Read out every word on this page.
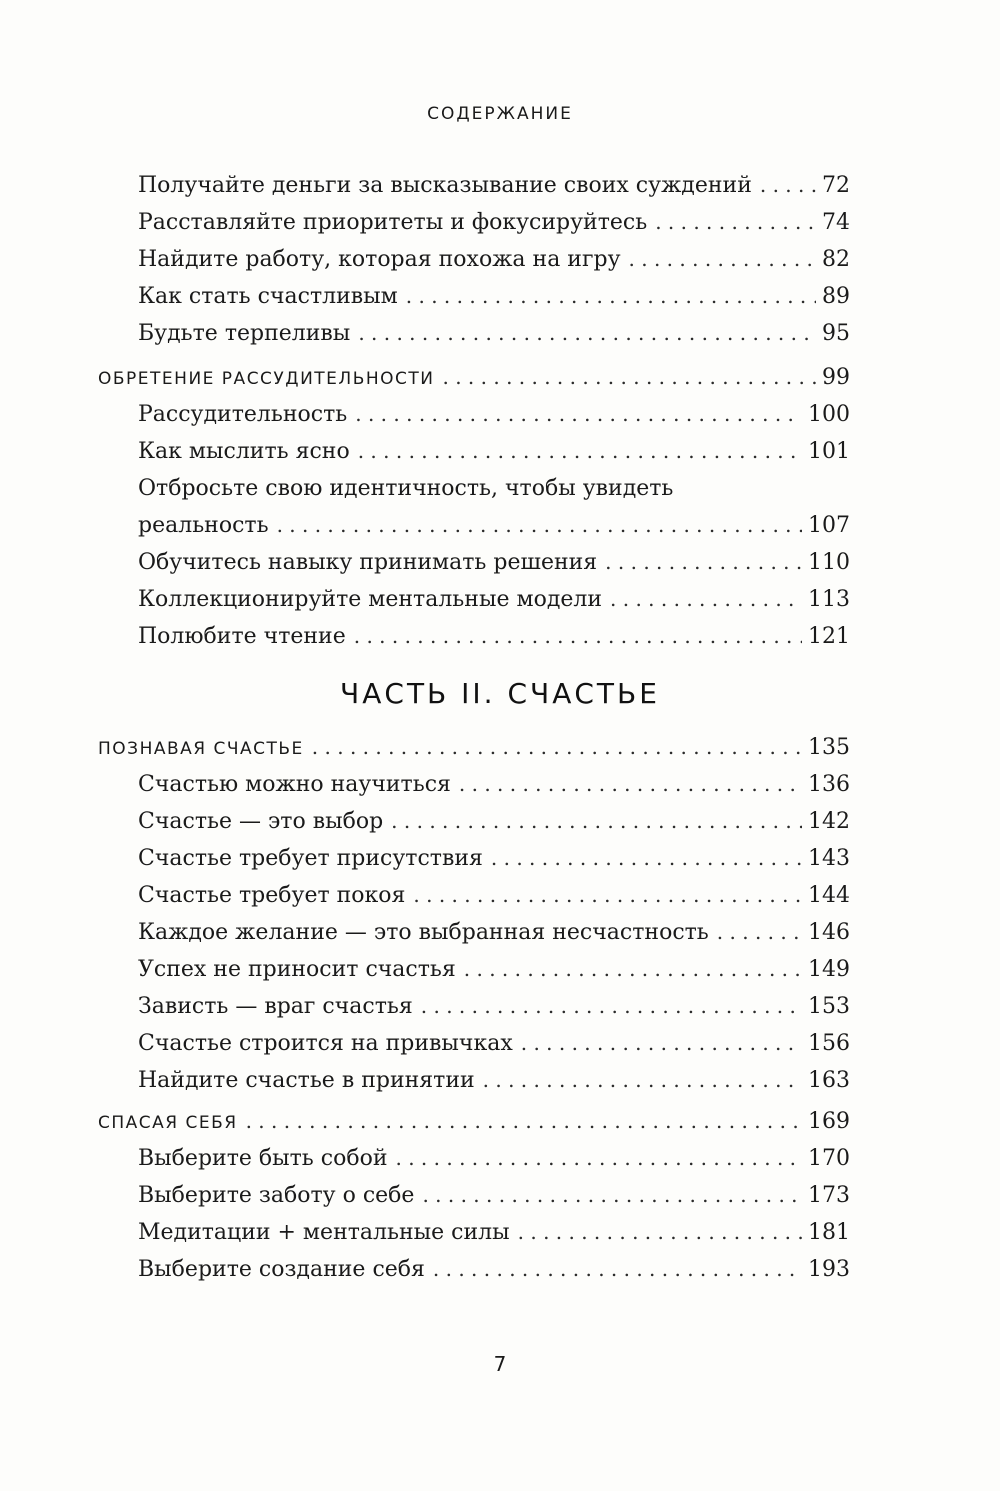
СОДЕРЖАНИЕ
Получайте деньги за высказывание своих суждений . . .	72
Расставляйте приоритеты и фокусируйтесь . . .	74
Найдите работу, которая похожа на игру . . .	82
Как стать счастливым . . .	89
Будьте терпеливы . . .	95
ОБРЕТЕНИЕ РАССУДИТЕЛЬНОСТИ . . .	99
Рассудительность . . .	100
Как мыслить ясно . . .	101
Отбросьте свою идентичность, чтобы увидеть
реальность . . .	107
Обучитесь навыку принимать решения . . .	110
Коллекционируйте ментальные модели . . .	113
Полюбите чтение . . .	121
ЧАСТЬ II. СЧАСТЬЕ
ПОЗНАВАЯ СЧАСТЬЕ . . .	135
Счастью можно научиться . . .	136
Счастье — это выбор . . .	142
Счастье требует присутствия . . .	143
Счастье требует покоя . . .	144
Каждое желание — это выбранная несчастность . . .	146
Успех не приносит счастья . . .	149
Зависть — враг счастья . . .	153
Счастье строится на привычках . . .	156
Найдите счастье в принятии . . .	163
СПАСАЯ СЕБЯ . . .	169
Выберите быть собой . . .	170
Выберите заботу о себе . . .	173
Медитации + ментальные силы . . .	181
Выберите создание себя . . .	193
7
